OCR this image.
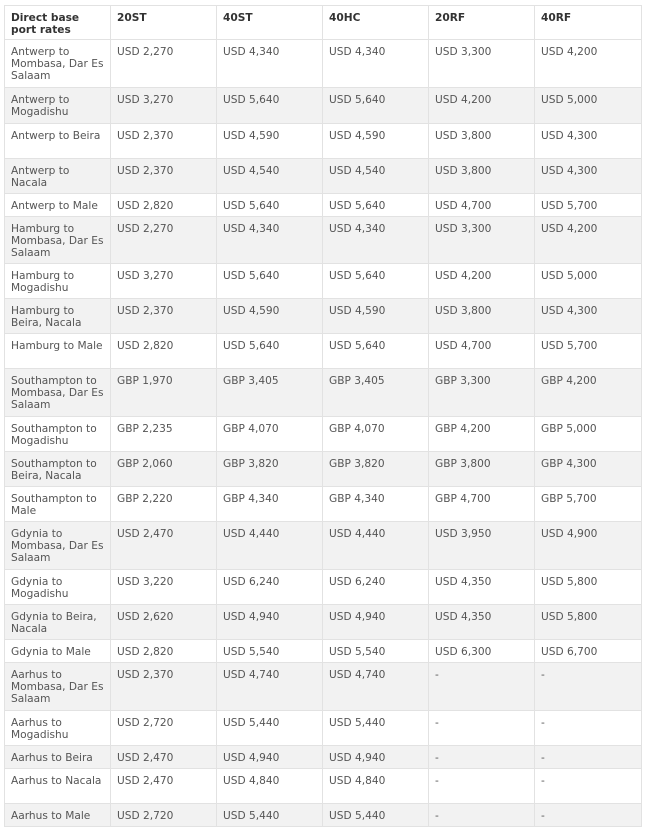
Direct base port rates	20ST	40ST	40HC	20RF	40RF
Antwerp to Mombasa, Dar Es Salaam	USD 2,270	USD 4,340	USD 4,340	USD 3,300	USD 4,200
Antwerp to Mogadishu	USD 3,270	USD 5,640	USD 5,640	USD 4,200	USD 5,000
Antwerp to Beira	USD 2,370	USD 4,590	USD 4,590	USD 3,800	USD 4,300
Antwerp to Nacala	USD 2,370	USD 4,540	USD 4,540	USD 3,800	USD 4,300
Antwerp to Male	USD 2,820	USD 5,640	USD 5,640	USD 4,700	USD 5,700
Hamburg to Mombasa, Dar Es Salaam	USD 2,270	USD 4,340	USD 4,340	USD 3,300	USD 4,200
Hamburg to Mogadishu	USD 3,270	USD 5,640	USD 5,640	USD 4,200	USD 5,000
Hamburg to Beira, Nacala	USD 2,370	USD 4,590	USD 4,590	USD 3,800	USD 4,300
Hamburg to Male	USD 2,820	USD 5,640	USD 5,640	USD 4,700	USD 5,700
Southampton to Mombasa, Dar Es Salaam	GBP 1,970	GBP 3,405	GBP 3,405	GBP 3,300	GBP 4,200
Southampton to Mogadishu	GBP 2,235	GBP 4,070	GBP 4,070	GBP 4,200	GBP 5,000
Southampton to Beira, Nacala	GBP 2,060	GBP 3,820	GBP 3,820	GBP 3,800	GBP 4,300
Southampton to Male	GBP 2,220	GBP 4,340	GBP 4,340	GBP 4,700	GBP 5,700
Gdynia to Mombasa, Dar Es Salaam	USD 2,470	USD 4,440	USD 4,440	USD 3,950	USD 4,900
Gdynia to Mogadishu	USD 3,220	USD 6,240	USD 6,240	USD 4,350	USD 5,800
Gdynia to Beira, Nacala	USD 2,620	USD 4,940	USD 4,940	USD 4,350	USD 5,800
Gdynia to Male	USD 2,820	USD 5,540	USD 5,540	USD 6,300	USD 6,700
Aarhus to Mombasa, Dar Es Salaam	USD 2,370	USD 4,740	USD 4,740	-	-
Aarhus to Mogadishu	USD 2,720	USD 5,440	USD 5,440	-	-
Aarhus to Beira	USD 2,470	USD 4,940	USD 4,940	-	-
Aarhus to Nacala	USD 2,470	USD 4,840	USD 4,840	-	-
Aarhus to Male	USD 2,720	USD 5,440	USD 5,440	-	-
